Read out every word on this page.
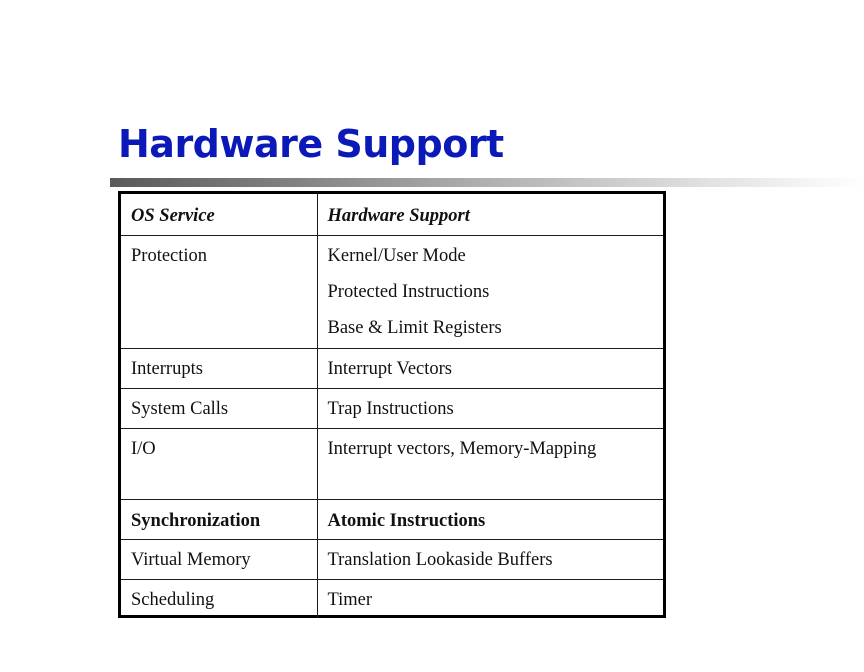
Hardware Support
OS Service	Hardware Support
Protection	Kernel/User Mode
Protected Instructions
Base & Limit Registers

Interrupts	Interrupt Vectors
System Calls	Trap Instructions
I/O	Interrupt vectors, Memory-Mapping
Synchronization	Atomic Instructions
Virtual Memory	Translation Lookaside Buffers
Scheduling	Timer
